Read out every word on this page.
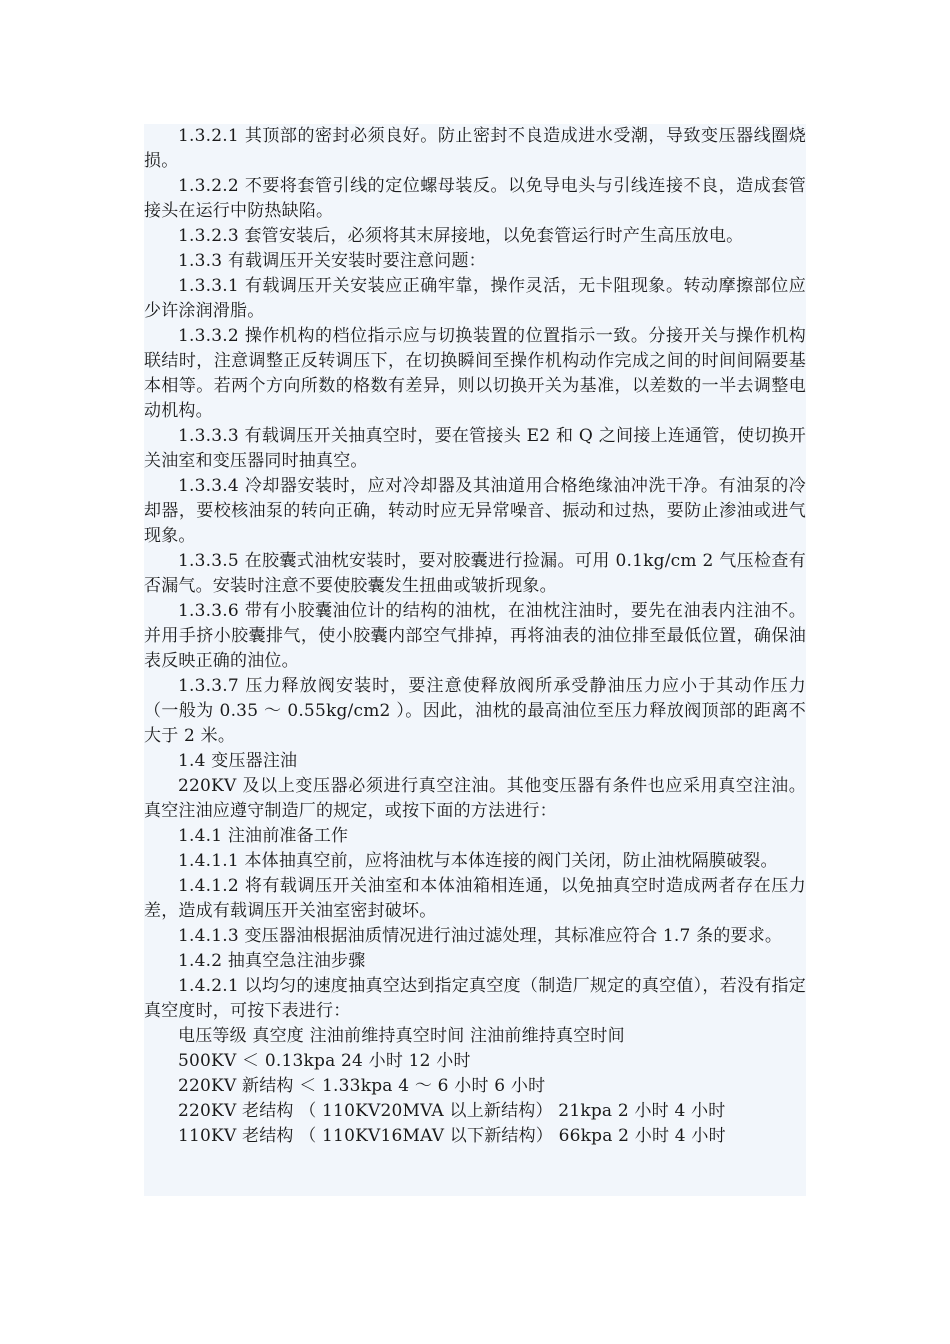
1.3.2.1 其顶部的密封必须良好。防止密封不良造成进水受潮，导致变压器线圈烧损。

1.3.2.2 不要将套管引线的定位螺母装反。以免导电头与引线连接不良，造成套管接头在运行中防热缺陷。

1.3.2.3 套管安装后，必须将其末屏接地，以免套管运行时产生高压放电。

1.3.3 有载调压开关安装时要注意问题：

1.3.3.1 有载调压开关安装应正确牢靠，操作灵活，无卡阻现象。转动摩擦部位应少许涂润滑脂。

1.3.3.2 操作机构的档位指示应与切换装置的位置指示一致。分接开关与操作机构联结时，注意调整正反转调压下，在切换瞬间至操作机构动作完成之间的时间间隔要基本相等。若两个方向所数的格数有差异，则以切换开关为基准，以差数的一半去调整电动机构。

1.3.3.3 有载调压开关抽真空时，要在管接头 E2 和 Q 之间接上连通管，使切换开关油室和变压器同时抽真空。

1.3.3.4 冷却器安装时，应对冷却器及其油道用合格绝缘油冲洗干净。有油泵的冷却器，要校核油泵的转向正确，转动时应无异常噪音、振动和过热，要防止渗油或进气现象。

1.3.3.5 在胶囊式油枕安装时，要对胶囊进行捡漏。可用 0.1kg/cm 2 气压检查有否漏气。安装时注意不要使胶囊发生扭曲或皱折现象。

1.3.3.6 带有小胶囊油位计的结构的油枕，在油枕注油时，要先在油表内注油不。并用手挤小胶囊排气，使小胶囊内部空气排掉，再将油表的油位排至最低位置，确保油表反映正确的油位。

1.3.3.7 压力释放阀安装时，要注意使释放阀所承受静油压力应小于其动作压力（一般为 0.35 ～ 0.55kg/cm2 ）。因此，油枕的最高油位至压力释放阀顶部的距离不大于 2 米。

1.4 变压器注油

220KV 及以上变压器必须进行真空注油。其他变压器有条件也应采用真空注油。真空注油应遵守制造厂的规定，或按下面的方法进行：

1.4.1 注油前准备工作

1.4.1.1 本体抽真空前，应将油枕与本体连接的阀门关闭，防止油枕隔膜破裂。

1.4.1.2 将有载调压开关油室和本体油箱相连通，以免抽真空时造成两者存在压力差，造成有载调压开关油室密封破坏。

1.4.1.3 变压器油根据油质情况进行油过滤处理，其标准应符合 1.7 条的要求。

1.4.2 抽真空急注油步骤

1.4.2.1 以均匀的速度抽真空达到指定真空度（制造厂规定的真空值），若没有指定真空度时，可按下表进行：

电压等级 真空度 注油前维持真空时间 注油前维持真空时间

500KV ＜ 0.13kpa 24 小时 12 小时

220KV 新结构 ＜ 1.33kpa 4 ～ 6 小时 6 小时

220KV 老结构 （ 110KV20MVA 以上新结构） 21kpa 2 小时 4 小时

110KV 老结构 （ 110KV16MAV 以下新结构） 66kpa 2 小时 4 小时
